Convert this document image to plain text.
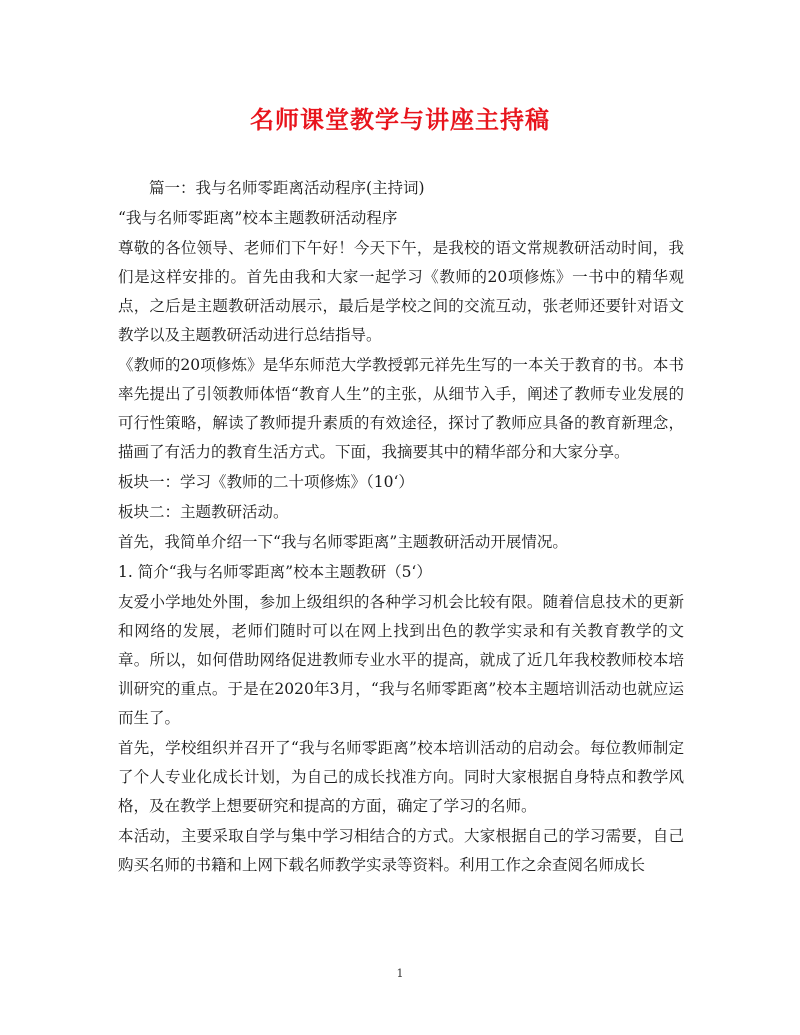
名师课堂教学与讲座主持稿

篇一：我与名师零距离活动程序(主持词)

“我与名师零距离”校本主题教研活动程序

尊敬的各位领导、老师们下午好！今天下午，是我校的语文常规教研活动时间，我们是这样安排的。首先由我和大家一起学习《教师的20项修炼》一书中的精华观点，之后是主题教研活动展示，最后是学校之间的交流互动，张老师还要针对语文教学以及主题教研活动进行总结指导。

《教师的20项修炼》是华东师范大学教授郭元祥先生写的一本关于教育的书。本书率先提出了引领教师体悟“教育人生”的主张，从细节入手，阐述了教师专业发展的可行性策略，解读了教师提升素质的有效途径，探讨了教师应具备的教育新理念，描画了有活力的教育生活方式。下面，我摘要其中的精华部分和大家分享。

板块一：学习《教师的二十项修炼》（10‘）

板块二：主题教研活动。

首先，我简单介绍一下“我与名师零距离”主题教研活动开展情况。

1. 简介“我与名师零距离”校本主题教研（5‘）

友爱小学地处外围，参加上级组织的各种学习机会比较有限。随着信息技术的更新和网络的发展，老师们随时可以在网上找到出色的教学实录和有关教育教学的文章。所以，如何借助网络促进教师专业水平的提高，就成了近几年我校教师校本培训研究的重点。于是在2020年3月，“我与名师零距离”校本主题培训活动也就应运而生了。

首先，学校组织并召开了“我与名师零距离”校本培训活动的启动会。每位教师制定了个人专业化成长计划，为自己的成长找准方向。同时大家根据自身特点和教学风格，及在教学上想要研究和提高的方面，确定了学习的名师。

本活动，主要采取自学与集中学习相结合的方式。大家根据自己的学习需要，自己购买名师的书籍和上网下载名师教学实录等资料。利用工作之余查阅名师成长

1
